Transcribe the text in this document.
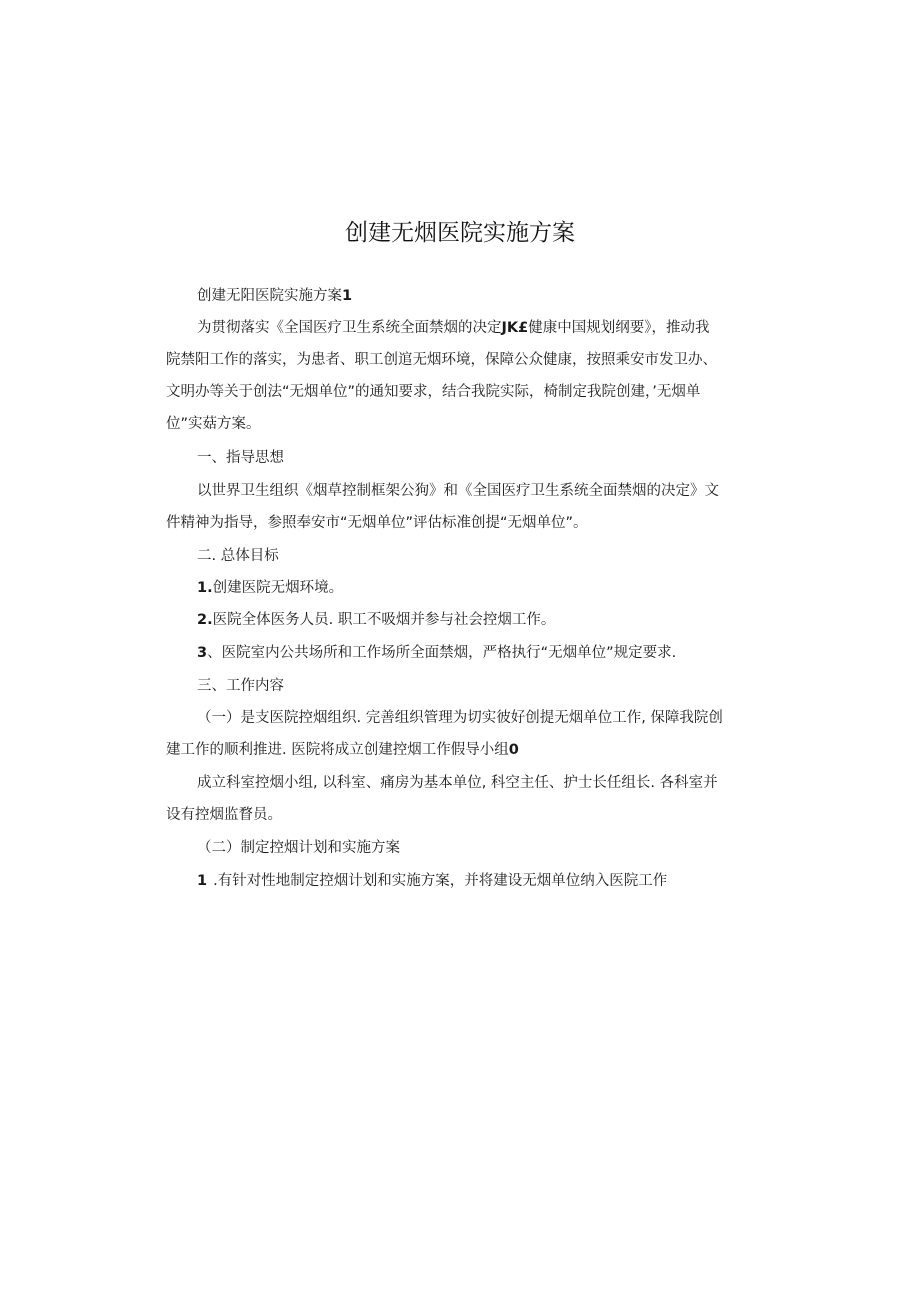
创建无烟医院实施方案
创建无阳医院实施方案1
为贯彻落实《全国医疗卫生系统全面禁烟的决定JK£健康中国规划纲要》，推动我
院禁阳工作的落实，为患者、职工创逭无烟环境，保障公众健康，按照乘安市发卫办、
文明办等关于创法“无烟单位”的通知要求，结合我院实际，椅制定我院创建，’无烟单
位”实菇方案。
一、指导思想
以世界卫生组织《烟草控制框架公狗》和《全国医疗卫生系统全面禁烟的决定》文
件精神为指导，参照奉安市“无烟单位”评估标准创提“无烟单位”。
二. 总体目标
1.创建医院无烟环境。
2.医院全体医务人员. 职工不吸烟并参与社会控烟工作。
3、医院室内公共场所和工作场所全面禁烟，严格执行“无烟单位”规定要求.
三、工作内容
（一）是支医院控烟组织. 完善组织管理为切实彼好创提无烟单位工作, 保障我院创
建工作的顺利推进. 医院将成立创建控烟工作假导小组0
成立科室控烟小组, 以科室、痛房为基本单位, 科空主任、护士长任组长. 各科室并
设有控烟监瞀员。
（二）制定控烟计划和实施方案
1 .有针对性地制定控烟计划和实施方案，并将建设无烟单位纳入医院工作
